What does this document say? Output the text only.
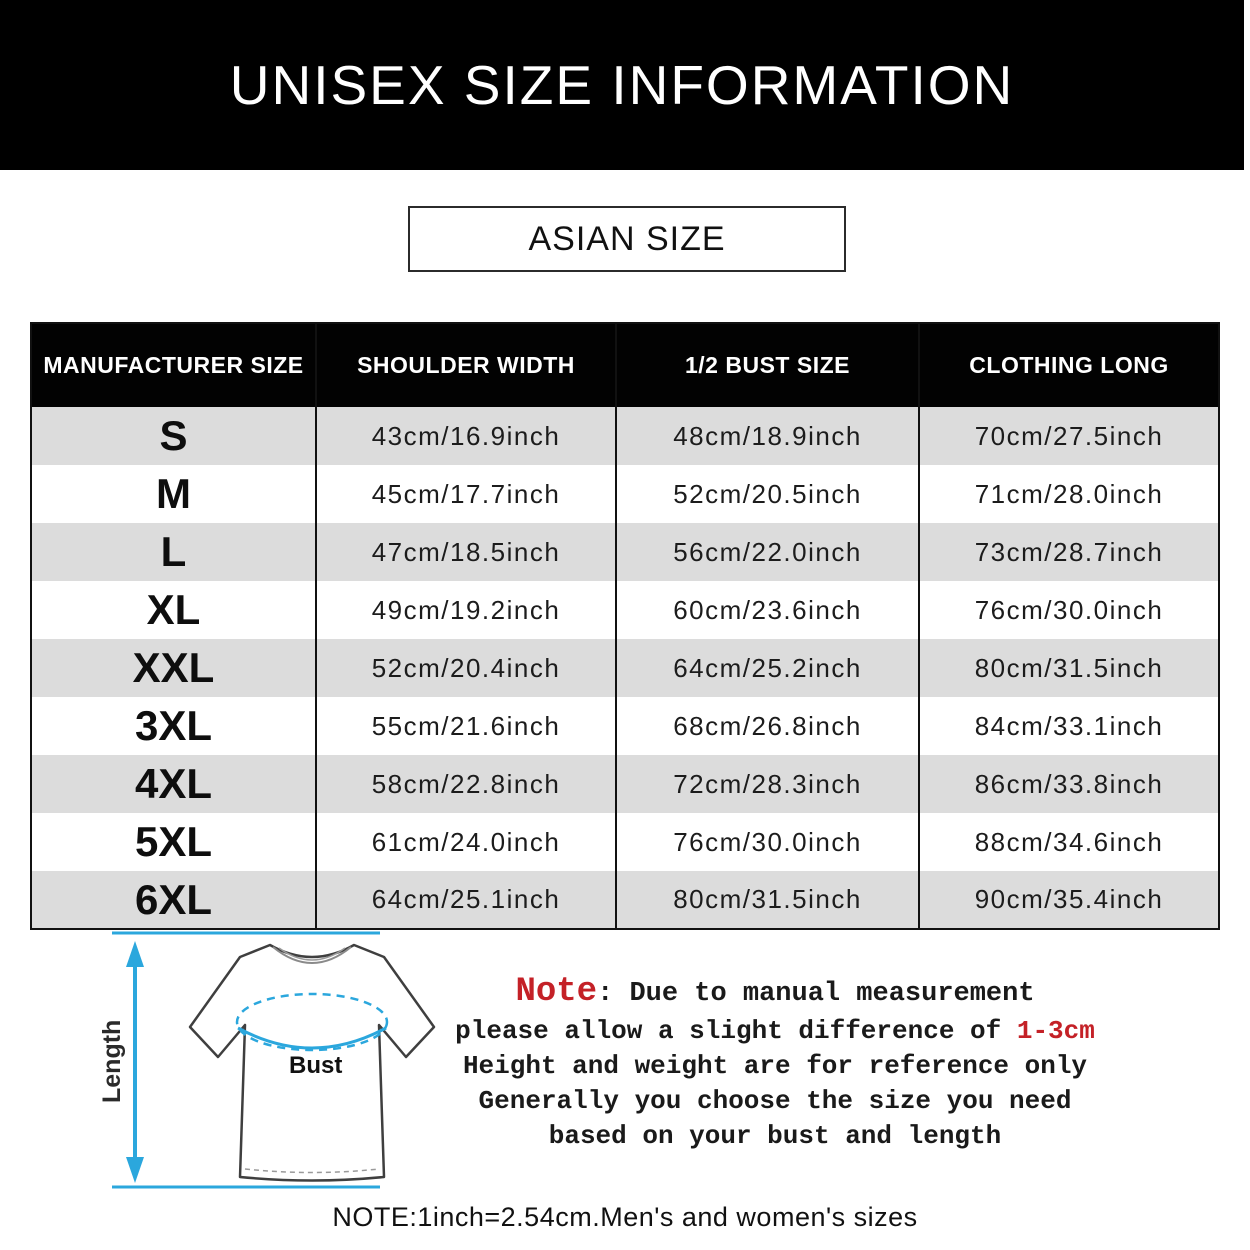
UNISEX SIZE INFORMATION
ASIAN SIZE
MANUFACTURER SIZE	SHOULDER WIDTH	1/2 BUST SIZE	CLOTHING LONG
S	43cm/16.9inch	48cm/18.9inch	70cm/27.5inch
M	45cm/17.7inch	52cm/20.5inch	71cm/28.0inch
L	47cm/18.5inch	56cm/22.0inch	73cm/28.7inch
XL	49cm/19.2inch	60cm/23.6inch	76cm/30.0inch
XXL	52cm/20.4inch	64cm/25.2inch	80cm/31.5inch
3XL	55cm/21.6inch	68cm/26.8inch	84cm/33.1inch
4XL	58cm/22.8inch	72cm/28.3inch	86cm/33.8inch
5XL	61cm/24.0inch	76cm/30.0inch	88cm/34.6inch
6XL	64cm/25.1inch	80cm/31.5inch	90cm/35.4inch
Bust
Length
Note: Due to manual measurement
please allow a slight difference of 1-3cm
Height and weight are for reference only
Generally you choose the size you need
based on your bust and length
NOTE:1inch=2.54cm.Men's and women's sizes
